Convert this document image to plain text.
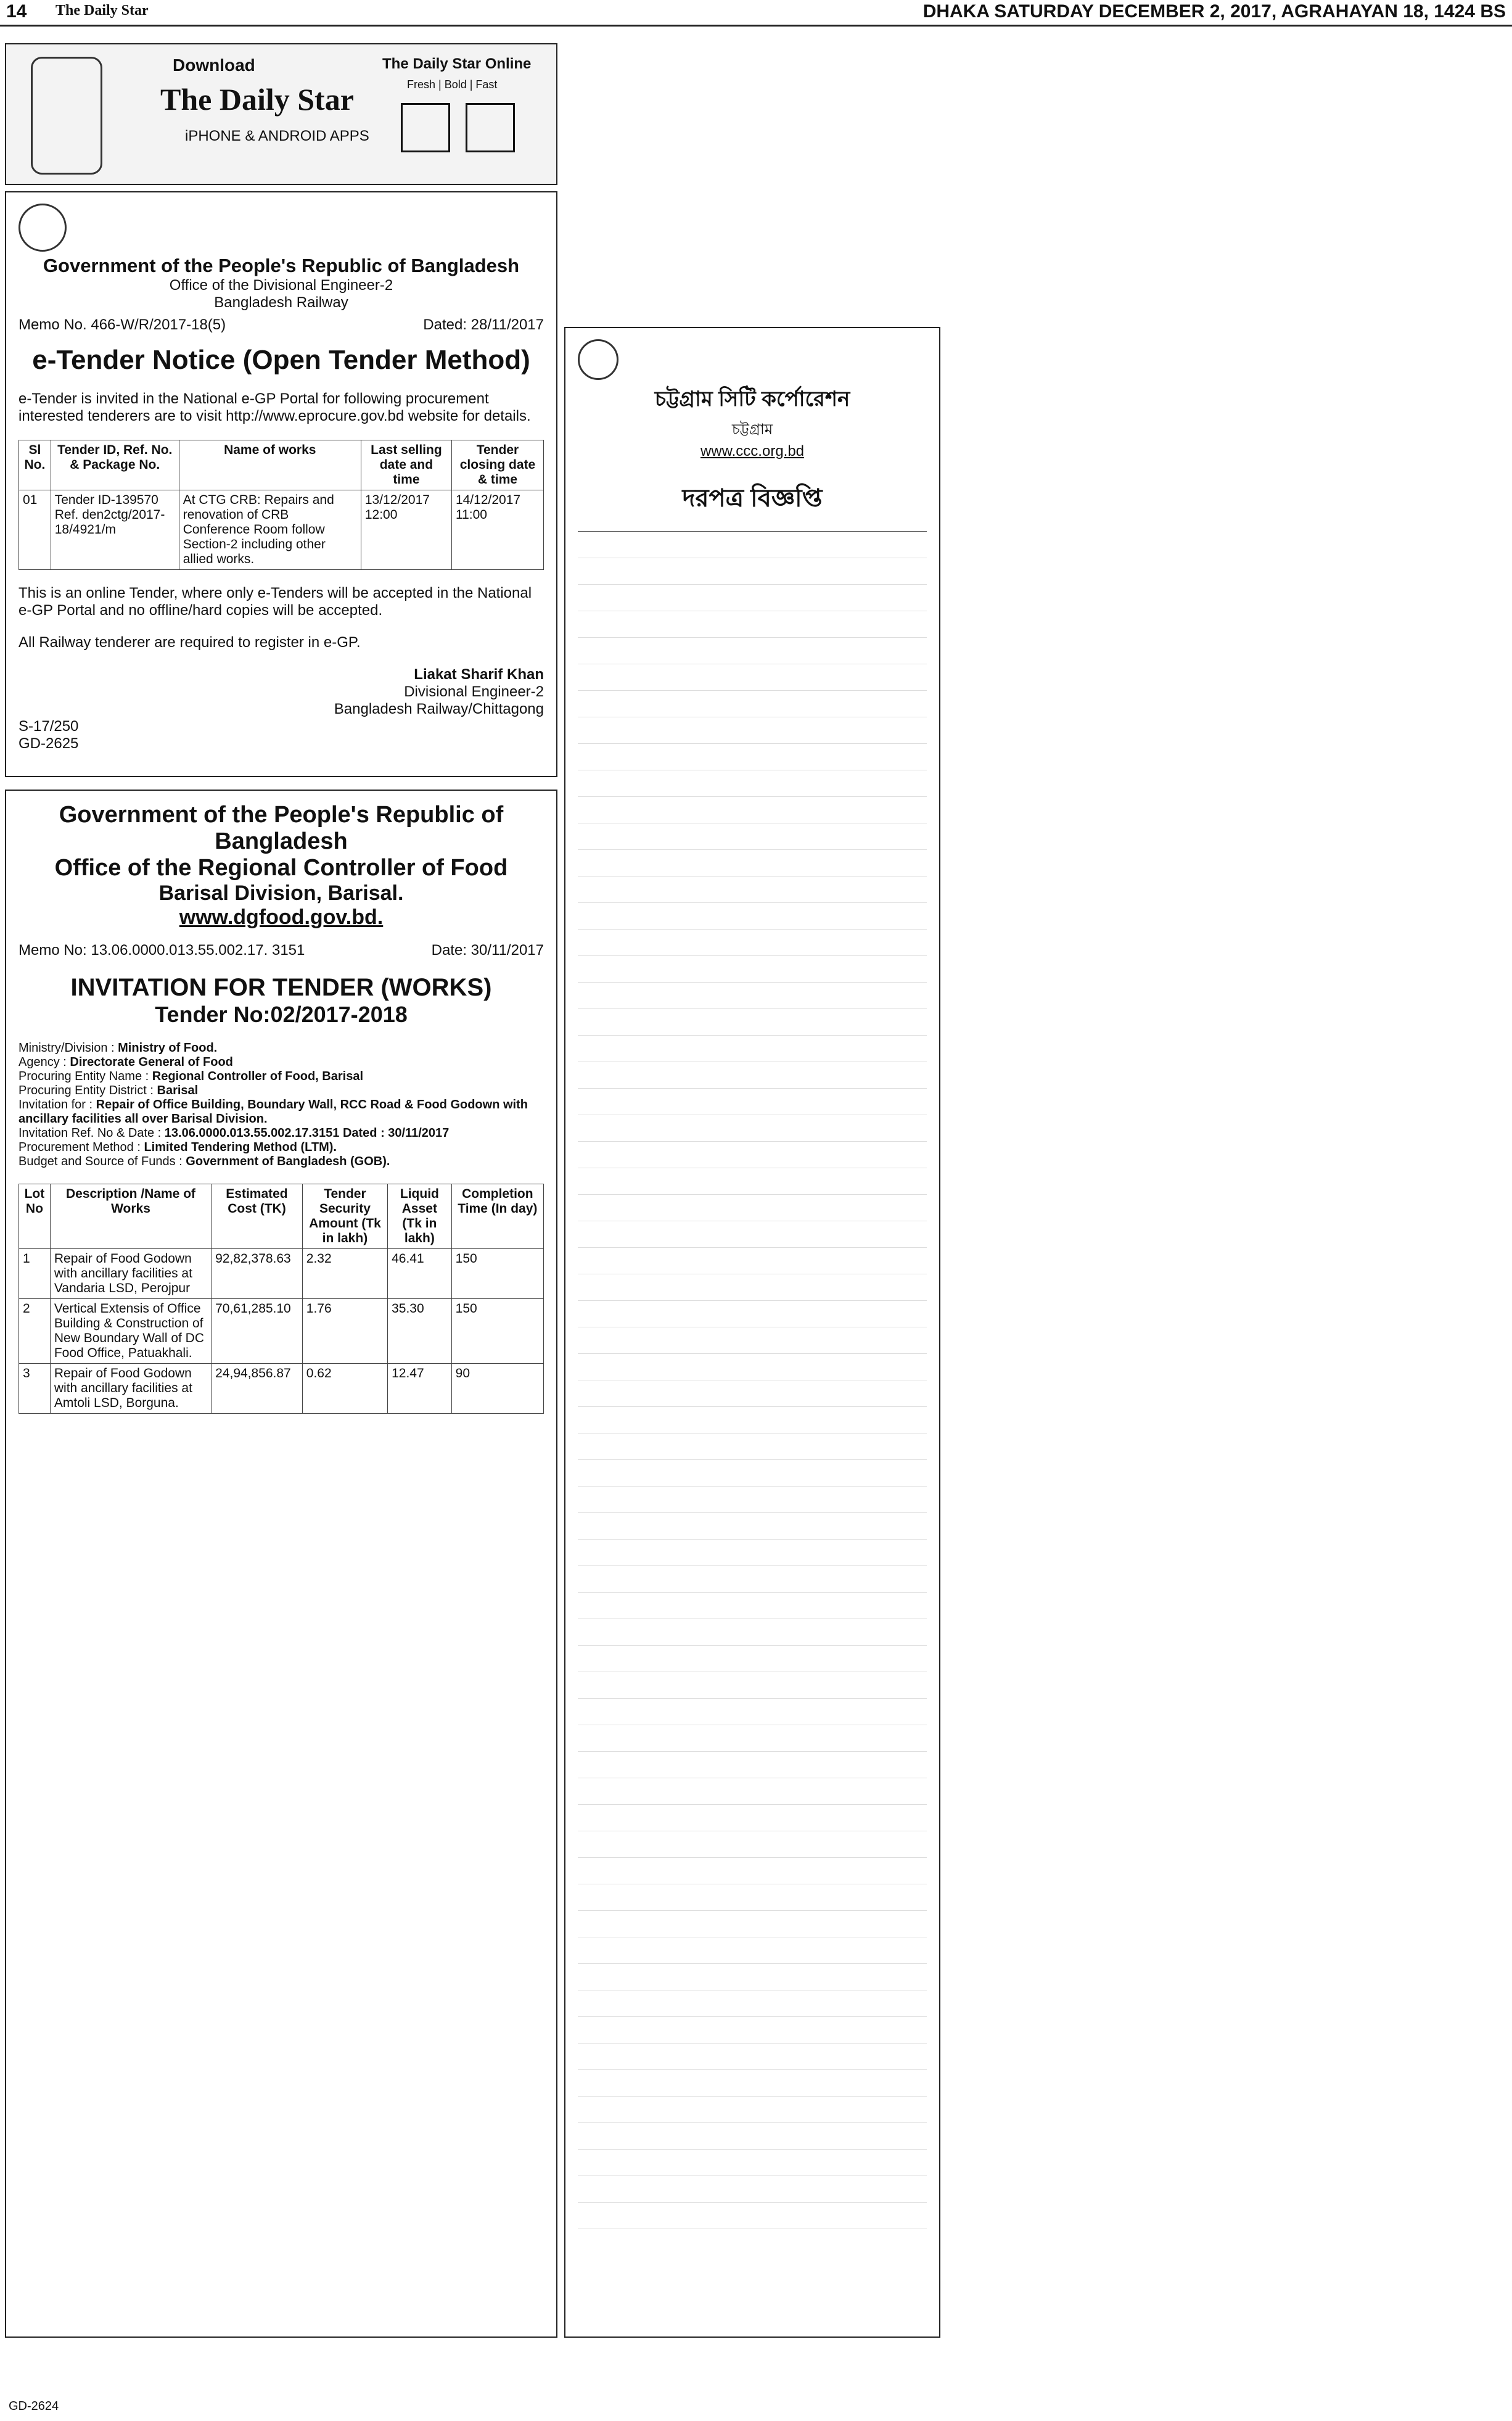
14 The Daily Star	DHAKA SATURDAY DECEMBER 2, 2017, AGRAHAYAN 18, 1424 BS
Download
The Daily Star
iPHONE & ANDROID APPS
The Daily Star Online
Fresh | Bold | Fast
Government of the People's Republic of Bangladesh
Office of the Divisional Engineer-2
Bangladesh Railway
Memo No. 466-W/R/2017-18(5)	Dated: 28/11/2017
e-Tender Notice (Open Tender Method)

e-Tender is invited in the National e-GP Portal for following procurement interested tenderers are to visit http://www.eprocure.gov.bd website for details.

Sl No.	Tender ID, Ref. No. & Package No.	Name of works	Last selling date and time	Tender closing date & time
01	Tender ID-139570 Ref. den2ctg/2017-18/4921/m	At CTG CRB: Repairs and renovation of CRB Conference Room follow Section-2 including other allied works.	13/12/2017 12:00	14/12/2017 11:00

This is an online Tender, where only e-Tenders will be accepted in the National e-GP Portal and no offline/hard copies will be accepted.

All Railway tenderer are required to register in e-GP.

Liakat Sharif Khan
Divisional Engineer-2
Bangladesh Railway/Chittagong
S-17/250
GD-2625
Government of the People's Republic of Bangladesh
Office of the Regional Controller of Food
Barisal Division, Barisal.
www.dgfood.gov.bd.
Memo No: 13.06.0000.013.55.002.17. 3151	Date: 30/11/2017
INVITATION FOR TENDER (WORKS)
Tender No:02/2017-2018
Ministry/Division : Ministry of Food.
Agency : Directorate General of Food
Procuring Entity Name : Regional Controller of Food, Barisal
Procuring Entity District : Barisal
Invitation for : Repair of Office Building, Boundary Wall, RCC Road & Food Godown with ancillary facilities all over Barisal Division.
Invitation Ref. No & Date : 13.06.0000.013.55.002.17.3151 Dated : 30/11/2017
Procurement Method : Limited Tendering Method (LTM).
Budget and Source of Funds : Government of Bangladesh (GOB).
Lot No	Description /Name of Works	Estimated Cost (TK)	Tender Security Amount (Tk in lakh)	Liquid Asset (Tk in lakh)	Completion Time (In day)
1	Repair of Food Godown with ancillary facilities at Vandaria LSD, Perojpur	92,82,378.63	2.32	46.41	150
2	Vertical Extensis of Office Building & Construction of New Boundary Wall of DC Food Office, Patuakhali.	70,61,285.10	1.76	35.30	150
3	Repair of Food Godown with ancillary facilities at Amtoli LSD, Borguna.	24,94,856.87	0.62	12.47	90
চট্টগ্রাম সিটি কর্পোরেশন
চট্টগ্রাম
www.ccc.org.bd
দরপত্র বিজ্ঞপ্তি
GD-2624
